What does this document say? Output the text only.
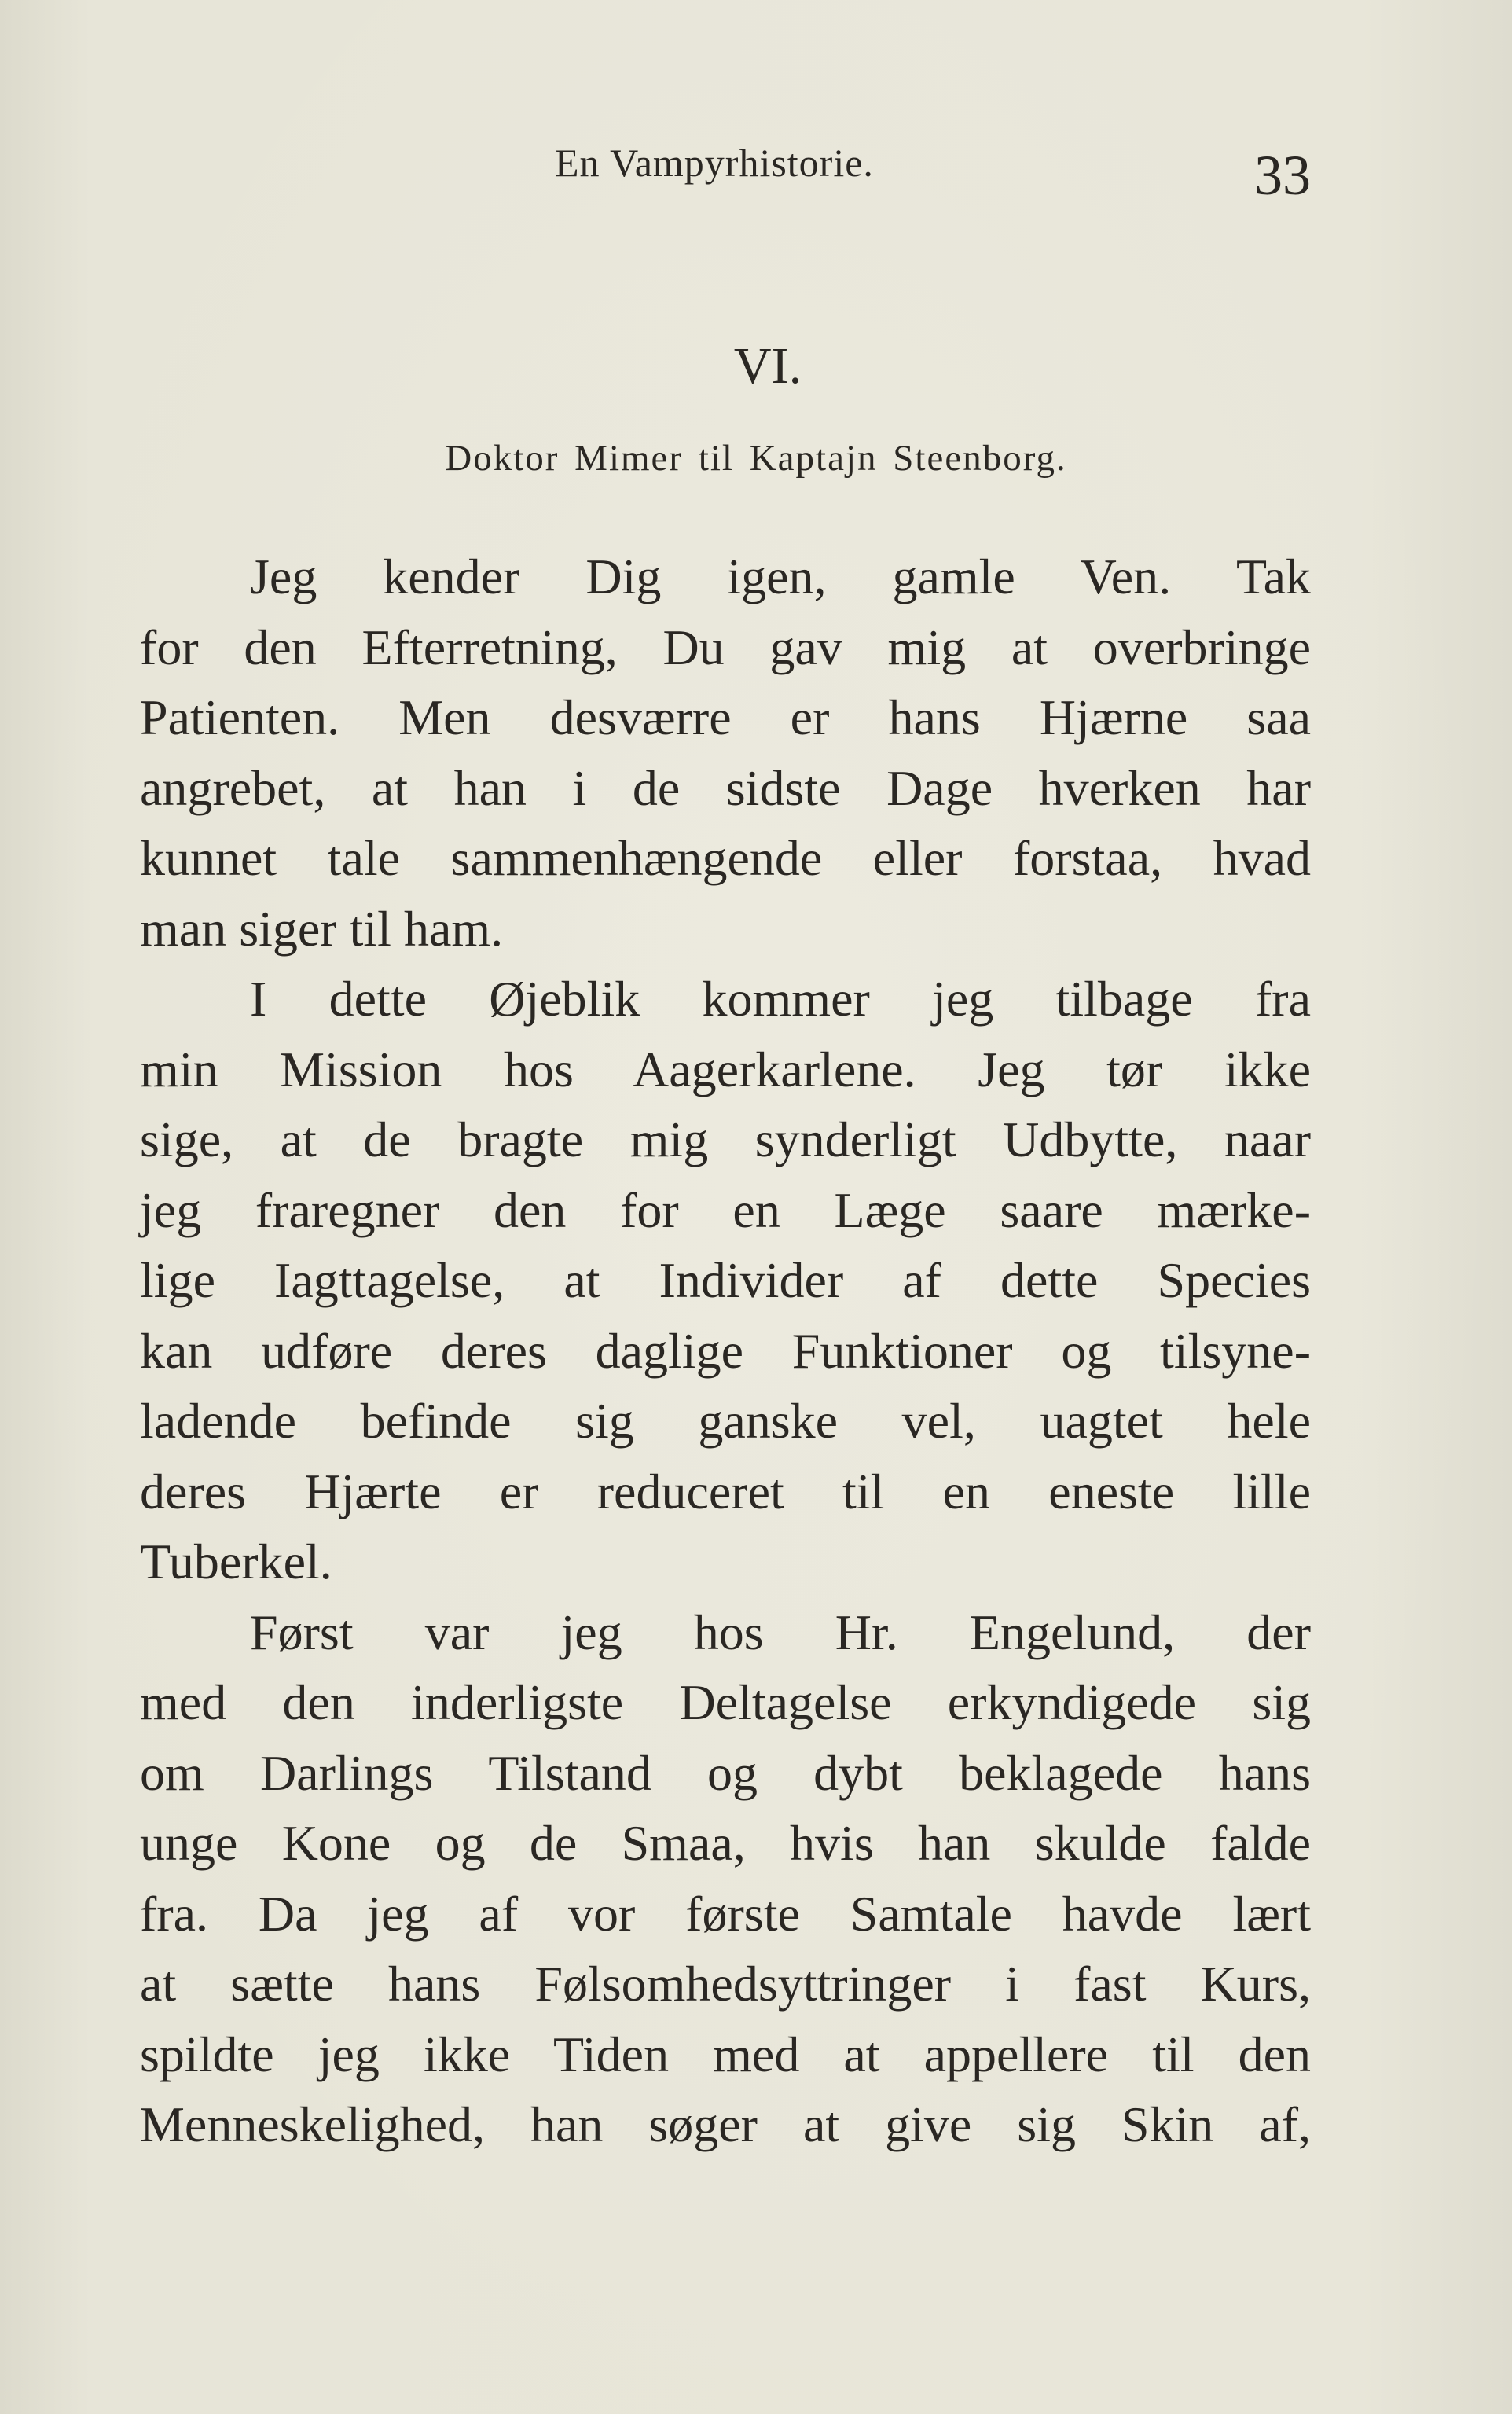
En Vampyrhistorie.	33
VI.
Doktor Mimer til Kaptajn Steenborg.
Jeg kender Dig igen, gamle Ven. Tak
for den Efterretning, Du gav mig at overbringe
Patienten. Men desværre er hans Hjærne saa
angrebet, at han i de sidste Dage hverken har
kunnet tale sammenhængende eller forstaa, hvad
man siger til ham.
I dette Øjeblik kommer jeg tilbage fra
min Mission hos Aagerkarlene. Jeg tør ikke
sige, at de bragte mig synderligt Udbytte, naar
jeg fraregner den for en Læge saare mærke-
lige Iagttagelse, at Individer af dette Species
kan udføre deres daglige Funktioner og tilsyne-
ladende befinde sig ganske vel, uagtet hele
deres Hjærte er reduceret til en eneste lille
Tuberkel.
Først var jeg hos Hr. Engelund, der
med den inderligste Deltagelse erkyndigede sig
om Darlings Tilstand og dybt beklagede hans
unge Kone og de Smaa, hvis han skulde falde
fra. Da jeg af vor første Samtale havde lært
at sætte hans Følsomhedsyttringer i fast Kurs,
spildte jeg ikke Tiden med at appellere til den
Menneskelighed, han søger at give sig Skin af,
